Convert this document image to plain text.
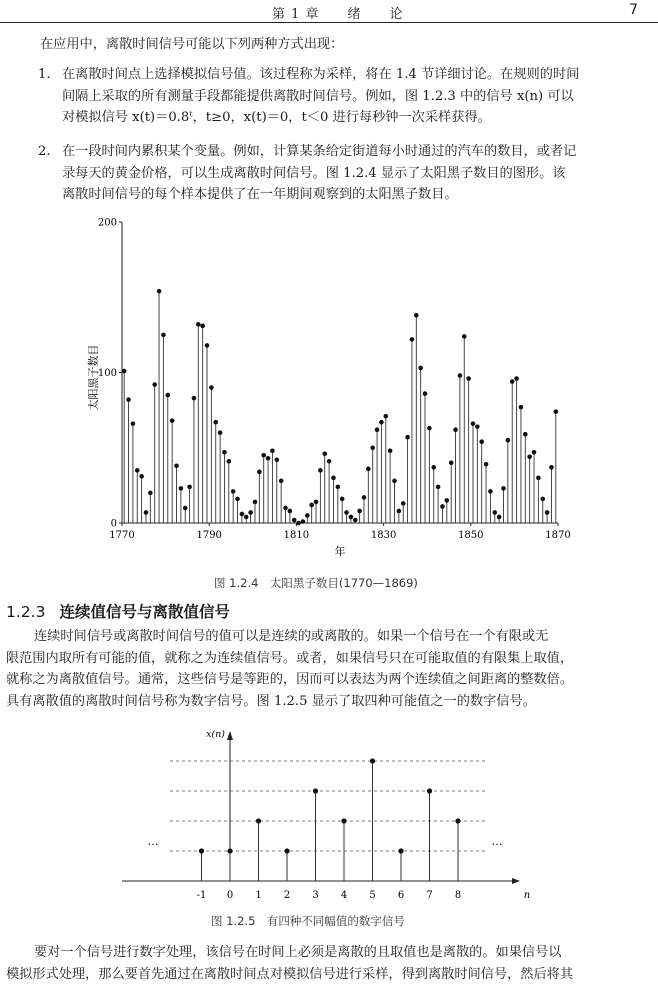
第 1 章　　绪　　论	7

在应用中，离散时间信号可能以下列两种方式出现：

1. 在离散时间点上选择模拟信号值。该过程称为采样，将在 1.4 节详细讨论。在规则的时间
间隔上采取的所有测量手段都能提供离散时间信号。例如，图 1.2.3 中的信号 x(n) 可以
对模拟信号 x(t)＝0.8ᵗ，t≥0，x(t)＝0，t＜0 进行每秒钟一次采样获得。
2. 在一段时间内累积某个变量。例如，计算某条给定街道每小时通过的汽车的数目，或者记
录每天的黄金价格，可以生成离散时间信号。图 1.2.4 显示了太阳黑子数目的图形。该
离散时间信号的每个样本提供了在一年期间观察到的太阳黑子数目。
0
100
200
1770	1790	1810	1830	1850	1870
年
太阳黑子数目
图 1.2.4　太阳黑子数目(1770—1869)
1.2.3 连续值信号与离散值信号
连续时间信号或离散时间信号的值可以是连续的或离散的。如果一个信号在一个有限或无
限范围内取所有可能的值，就称之为连续值信号。或者，如果信号只在可能取值的有限集上取值，
就称之为离散值信号。通常，这些信号是等距的，因而可以表达为两个连续值之间距离的整数倍。
具有离散值的离散时间信号称为数字信号。图 1.2.5 显示了取四种可能值之一的数字信号。
x(n)
n
…	…
-1 0 1 2 3 4 5 6 7 8
图 1.2.5　有四种不同幅值的数字信号
要对一个信号进行数字处理，该信号在时间上必须是离散的且取值也是离散的。如果信号以
模拟形式处理，那么要首先通过在离散时间点对模拟信号进行采样，得到离散时间信号，然后将其
